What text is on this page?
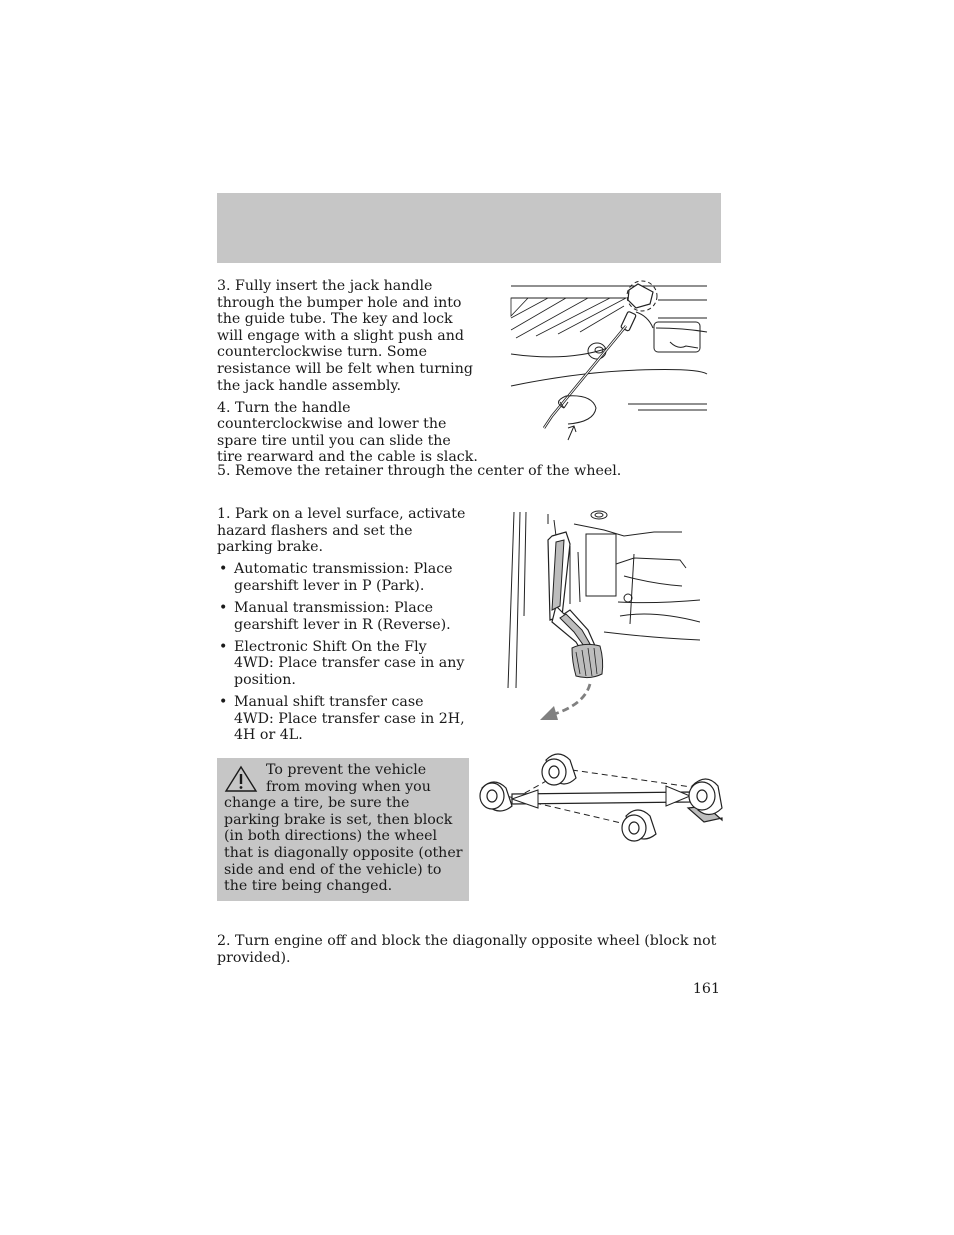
3. Fully insert the jack handle through the bumper hole and into the guide tube. The key and lock will engage with a slight push and counterclockwise turn. Some resistance will be felt when turning the jack handle assembly.

4. Turn the handle counterclockwise and lower the spare tire until you can slide the tire rearward and the cable is slack.

5. Remove the retainer through the center of the wheel.

1. Park on a level surface, activate hazard flashers and set the parking brake.

• Automatic transmission: Place gearshift lever in P (Park).
• Manual transmission: Place gearshift lever in R (Reverse).
• Electronic Shift On the Fly 4WD: Place transfer case in any position.
• Manual shift transfer case 4WD: Place transfer case in 2H, 4H or 4L.

To prevent the vehicle from moving when you change a tire, be sure the parking brake is set, then block (in both directions) the wheel that is diagonally opposite (other side and end of the vehicle) to the tire being changed.

2. Turn engine off and block the diagonally opposite wheel (block not provided).
161
